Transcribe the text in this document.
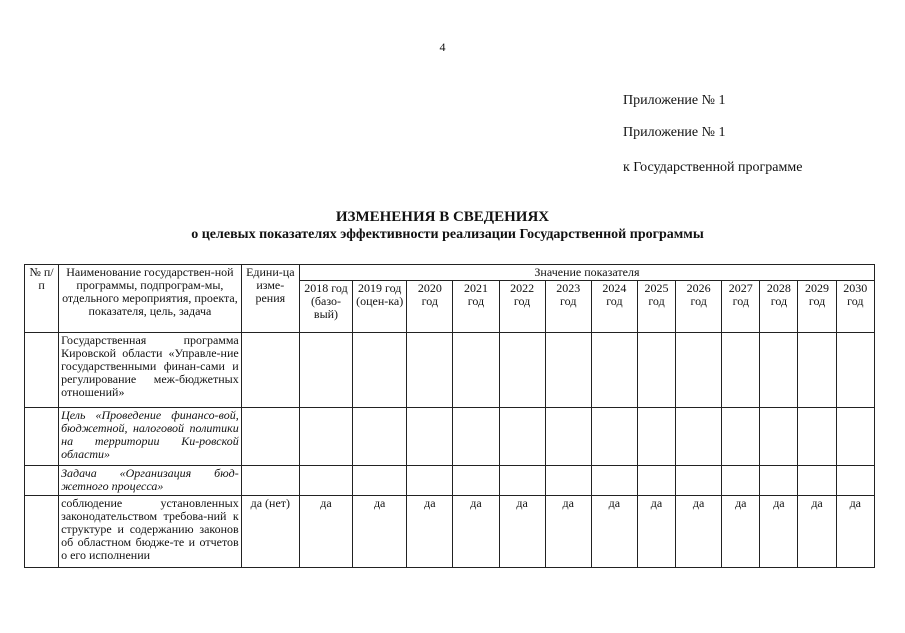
4
Приложение № 1
Приложение № 1
к Государственной программе
ИЗМЕНЕНИЯ В СВЕДЕНИЯХ
о целевых показателях эффективности реализации Государственной программы
№ п/п	Наименование государствен-ной программы, подпрограм-мы, отдельного мероприятия, проекта, показателя, цель, задача	Едини-ца изме-рения	Значение показателя												
			2018 год (базо-вый)	2019 год (оцен-ка)	2020 год	2021 год	2022 год	2023 год	2024 год	2025 год	2026 год	2027 год	2028 год	2029 год	2030 год
	Государственная программа Кировской области «Управле-ние государственными финан-сами и регулирование меж-бюджетных отношений»														
	Цель «Проведение финансо-вой, бюджетной, налоговой политики на территории Ки-ровской области»														
	Задача «Организация бюд-жетного процесса»														
	соблюдение установленных законодательством требова-ний к структуре и содержанию законов об областном бюдже-те и отчетов о его исполнении	да (нет)	да	да	да	да	да	да	да	да	да	да	да	да	да
